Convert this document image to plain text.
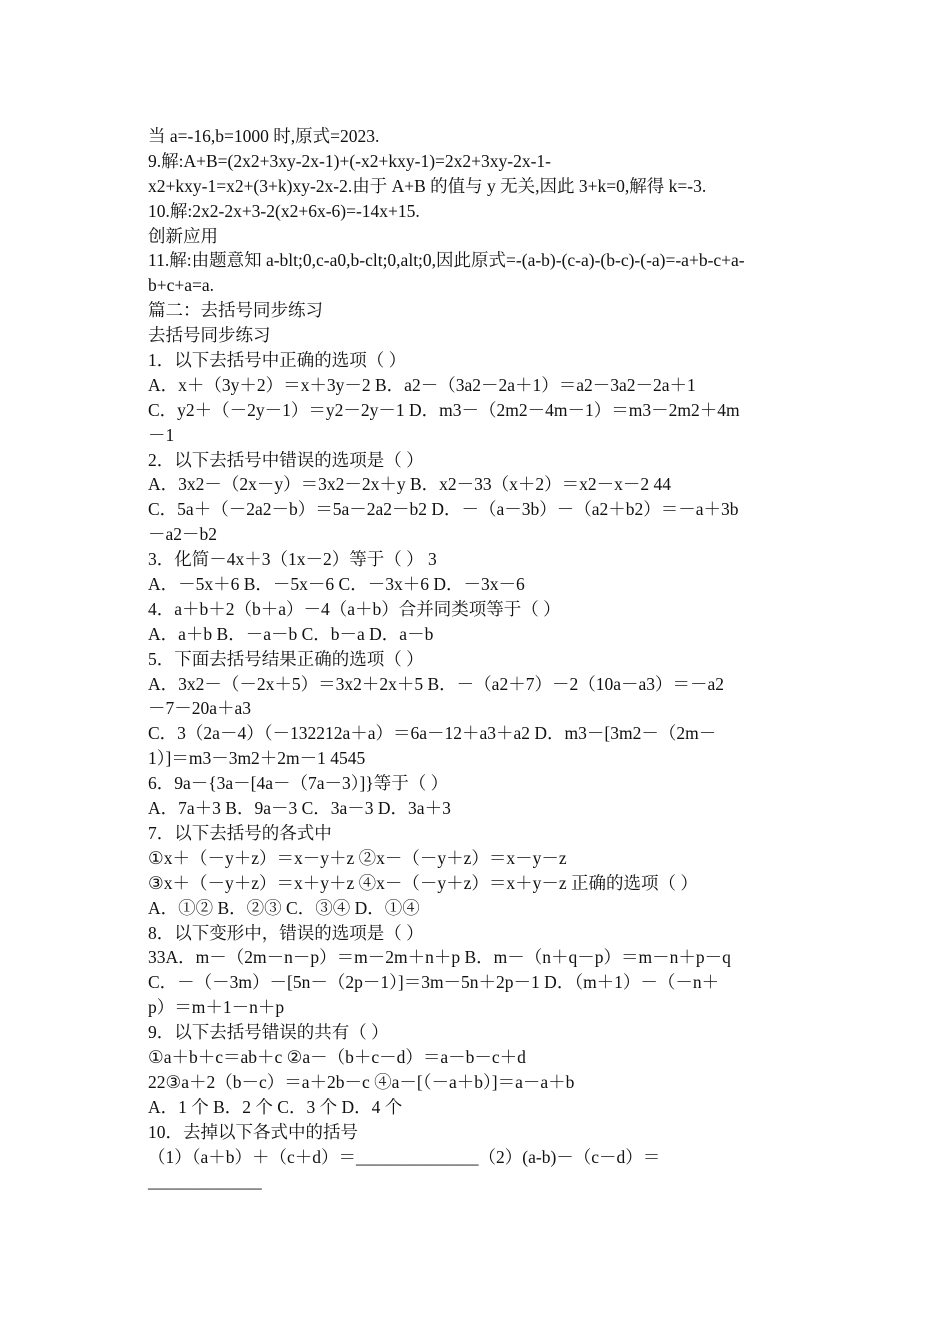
当 a=-16,b=1000 时,原式=2023.
9.解:A+B=(2x2+3xy-2x-1)+(-x2+kxy-1)=2x2+3xy-2x-1-
x2+kxy-1=x2+(3+k)xy-2x-2.由于 A+B 的值与 y 无关,因此 3+k=0,解得 k=-3.
10.解:2x2-2x+3-2(x2+6x-6)=-14x+15.
创新应用
11.解:由题意知 a-blt;0,c-a0,b-clt;0,alt;0,因此原式=-(a-b)-(c-a)-(b-c)-(-a)=-a+b-c+a-
b+c+a=a.
篇二：去括号同步练习
去括号同步练习
1．以下去括号中正确的选项（ ）
A．x＋（3y＋2）＝x＋3y－2 B．a2－（3a2－2a＋1）＝a2－3a2－2a＋1
C．y2＋（－2y－1）＝y2－2y－1 D．m3－（2m2－4m－1）＝m3－2m2＋4m
－1
2．以下去括号中错误的选项是（ ）
A．3x2－（2x－y）＝3x2－2x＋y B．x2－33（x＋2）＝x2－x－2 44
C．5a＋（－2a2－b）＝5a－2a2－b2 D．－（a－3b）－（a2＋b2）＝－a＋3b
－a2－b2
3．化简－4x＋3（1x－2）等于（ ） 3
A．－5x＋6 B．－5x－6 C．－3x＋6 D．－3x－6
4．a＋b＋2（b＋a）－4（a＋b）合并同类项等于（ ）
A．a＋b B．－a－b C．b－a D．a－b
5．下面去括号结果正确的选项（ ）
A．3x2－（－2x＋5）＝3x2＋2x＋5 B．－（a2＋7）－2（10a－a3）＝－a2
－7－20a＋a3
C．3（2a－4）（－132212a＋a）＝6a－12＋a3＋a2 D．m3－[3m2－（2m－
1）]＝m3－3m2＋2m－1 4545
6．9a－{3a－[4a－（7a－3）]}等于（ ）
A．7a＋3 B．9a－3 C．3a－3 D．3a＋3
7．以下去括号的各式中
①x＋（－y＋z）＝x－y＋z ②x－（－y＋z）＝x－y－z
③x＋（－y＋z）＝x＋y＋z ④x－（－y＋z）＝x＋y－z 正确的选项（ ）
A．①② B．②③ C．③④ D．①④
8．以下变形中，错误的选项是（ ）
33A．m－（2m－n－p）＝m－2m＋n＋p B．m－（n＋q－p）＝m－n＋p－q
C．－（－3m）－[5n－（2p－1）]＝3m－5n＋2p－1 D．（m＋1）－（－n＋
p）＝m＋1－n＋p
9．以下去括号错误的共有（ ）
①a＋b＋c＝ab＋c ②a－（b＋c－d）＝a－b－c＋d
22③a＋2（b－c）＝a＋2b－c ④a－[（－a＋b）]＝a－a＋b
A．1 个 B．2 个 C．3 个 D．4 个
10．去掉以下各式中的括号
（1）（a＋b）＋（c＋d）＝______________（2）(a-b)－（c－d）＝
_____________
